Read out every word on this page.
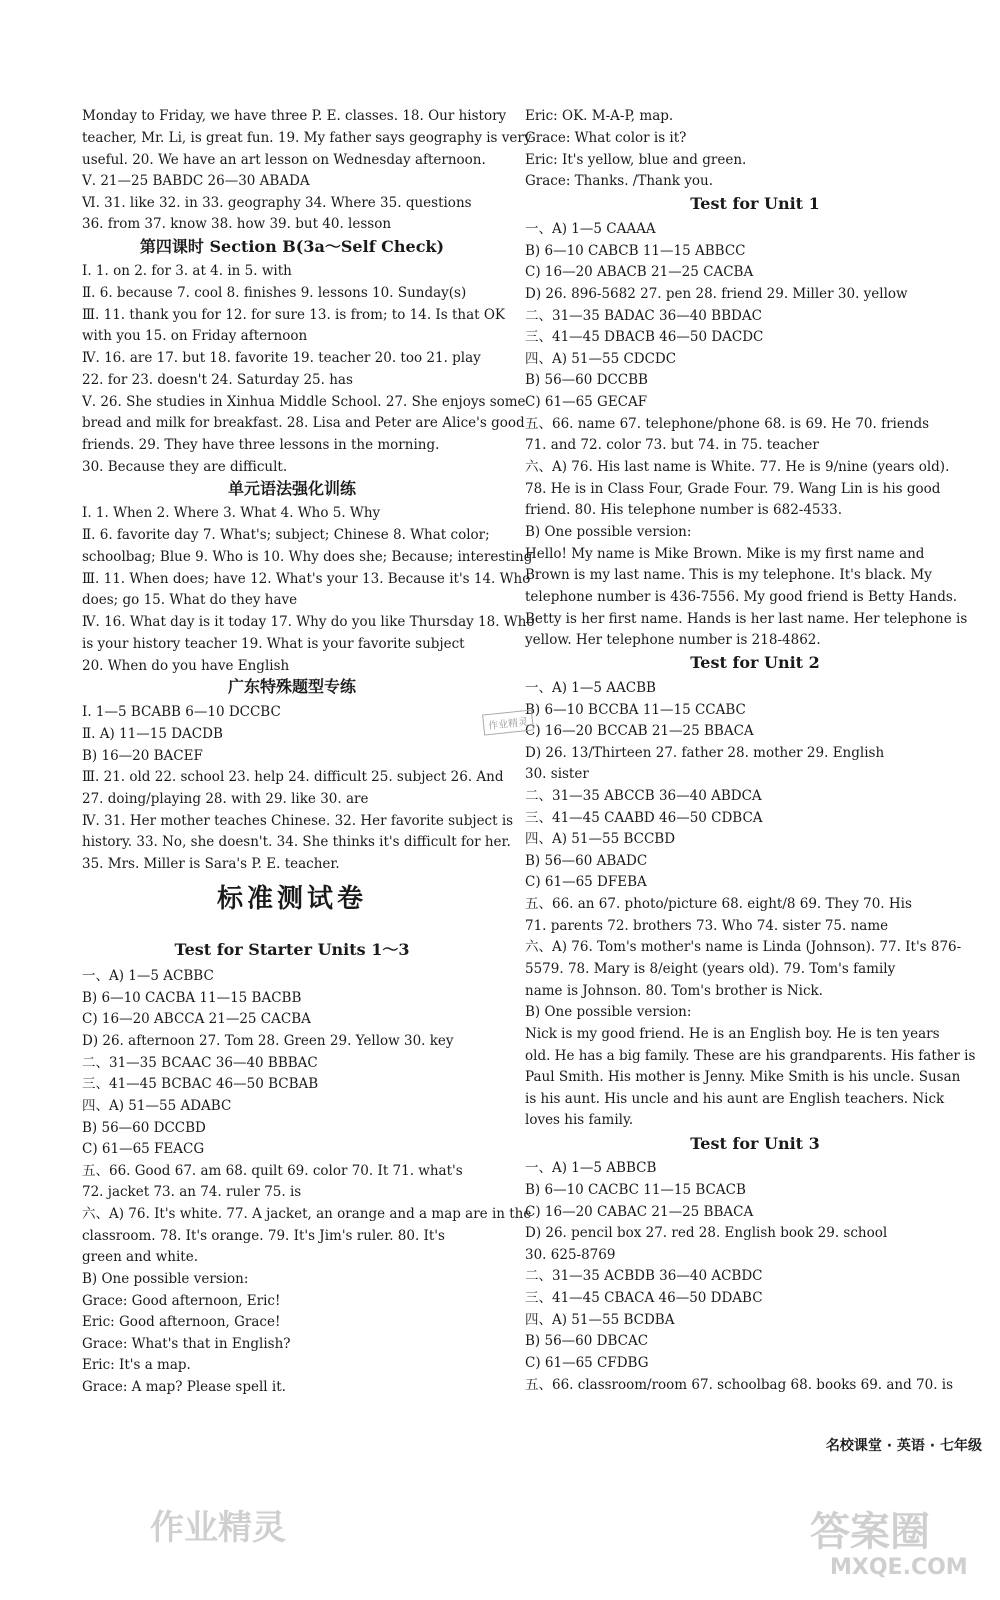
Monday to Friday, we have three P. E. classes. 18. Our history
teacher, Mr. Li, is great fun. 19. My father says geography is very
useful. 20. We have an art lesson on Wednesday afternoon.
Ⅴ. 21—25 BABDC 26—30 ABADA
Ⅵ. 31. like 32. in 33. geography 34. Where 35. questions
36. from 37. know 38. how 39. but 40. lesson
第四课时 Section B(3a～Self Check)
Ⅰ. 1. on 2. for 3. at 4. in 5. with
Ⅱ. 6. because 7. cool 8. finishes 9. lessons 10. Sunday(s)
Ⅲ. 11. thank you for 12. for sure 13. is from; to 14. Is that OK
with you 15. on Friday afternoon
Ⅳ. 16. are 17. but 18. favorite 19. teacher 20. too 21. play
22. for 23. doesn't 24. Saturday 25. has
Ⅴ. 26. She studies in Xinhua Middle School. 27. She enjoys some
bread and milk for breakfast. 28. Lisa and Peter are Alice's good
friends. 29. They have three lessons in the morning.
30. Because they are difficult.
单元语法强化训练
Ⅰ. 1. When 2. Where 3. What 4. Who 5. Why
Ⅱ. 6. favorite day 7. What's; subject; Chinese 8. What color;
schoolbag; Blue 9. Who is 10. Why does she; Because; interesting
Ⅲ. 11. When does; have 12. What's your 13. Because it's 14. Who
does; go 15. What do they have
Ⅳ. 16. What day is it today 17. Why do you like Thursday 18. Who
is your history teacher 19. What is your favorite subject
20. When do you have English
广东特殊题型专练
Ⅰ. 1—5 BCABB 6—10 DCCBC
Ⅱ. A) 11—15 DACDB
B) 16—20 BACEF
Ⅲ. 21. old 22. school 23. help 24. difficult 25. subject 26. And
27. doing/playing 28. with 29. like 30. are
Ⅳ. 31. Her mother teaches Chinese. 32. Her favorite subject is
history. 33. No, she doesn't. 34. She thinks it's difficult for her.
35. Mrs. Miller is Sara's P. E. teacher.
标准测试卷
Test for Starter Units 1～3
一、A) 1—5 ACBBC
B) 6—10 CACBA 11—15 BACBB
C) 16—20 ABCCA 21—25 CACBA
D) 26. afternoon 27. Tom 28. Green 29. Yellow 30. key
二、31—35 BCAAC 36—40 BBBAC
三、41—45 BCBAC 46—50 BCBAB
四、A) 51—55 ADABC
B) 56—60 DCCBD
C) 61—65 FEACG
五、66. Good 67. am 68. quilt 69. color 70. It 71. what's
72. jacket 73. an 74. ruler 75. is
六、A) 76. It's white. 77. A jacket, an orange and a map are in the
classroom. 78. It's orange. 79. It's Jim's ruler. 80. It's
green and white.
B) One possible version:
Grace: Good afternoon, Eric!
Eric: Good afternoon, Grace!
Grace: What's that in English?
Eric: It's a map.
Grace: A map? Please spell it.
Eric: OK. M-A-P, map.
Grace: What color is it?
Eric: It's yellow, blue and green.
Grace: Thanks. /Thank you.
Test for Unit 1
一、A) 1—5 CAAAA
B) 6—10 CABCB 11—15 ABBCC
C) 16—20 ABACB 21—25 CACBA
D) 26. 896-5682 27. pen 28. friend 29. Miller 30. yellow
二、31—35 BADAC 36—40 BBDAC
三、41—45 DBACB 46—50 DACDC
四、A) 51—55 CDCDC
B) 56—60 DCCBB
C) 61—65 GECAF
五、66. name 67. telephone/phone 68. is 69. He 70. friends
71. and 72. color 73. but 74. in 75. teacher
六、A) 76. His last name is White. 77. He is 9/nine (years old).
78. He is in Class Four, Grade Four. 79. Wang Lin is his good
friend. 80. His telephone number is 682-4533.
B) One possible version:
Hello! My name is Mike Brown. Mike is my first name and
Brown is my last name. This is my telephone. It's black. My
telephone number is 436-7556. My good friend is Betty Hands.
Betty is her first name. Hands is her last name. Her telephone is
yellow. Her telephone number is 218-4862.
Test for Unit 2
一、A) 1—5 AACBB
B) 6—10 BCCBA 11—15 CCABC
C) 16—20 BCCAB 21—25 BBACA
D) 26. 13/Thirteen 27. father 28. mother 29. English
30. sister
二、31—35 ABCCB 36—40 ABDCA
三、41—45 CAABD 46—50 CDBCA
四、A) 51—55 BCCBD
B) 56—60 ABADC
C) 61—65 DFEBA
五、66. an 67. photo/picture 68. eight/8 69. They 70. His
71. parents 72. brothers 73. Who 74. sister 75. name
六、A) 76. Tom's mother's name is Linda (Johnson). 77. It's 876-
5579. 78. Mary is 8/eight (years old). 79. Tom's family
name is Johnson. 80. Tom's brother is Nick.
B) One possible version:
Nick is my good friend. He is an English boy. He is ten years
old. He has a big family. These are his grandparents. His father is
Paul Smith. His mother is Jenny. Mike Smith is his uncle. Susan
is his aunt. His uncle and his aunt are English teachers. Nick
loves his family.
Test for Unit 3
一、A) 1—5 ABBCB
B) 6—10 CACBC 11—15 BCACB
C) 16—20 CABAC 21—25 BBACA
D) 26. pencil box 27. red 28. English book 29. school
30. 625-8769
二、31—35 ACBDB 36—40 ACBDC
三、41—45 CBACA 46—50 DDABC
四、A) 51—55 BCDBA
B) 56—60 DBCAC
C) 61—65 CFDBG
五、66. classroom/room 67. schoolbag 68. books 69. and 70. is
作业精灵
作业精灵	答案圈
MXQE.COM
名校课堂 · 英语 · 七年级
